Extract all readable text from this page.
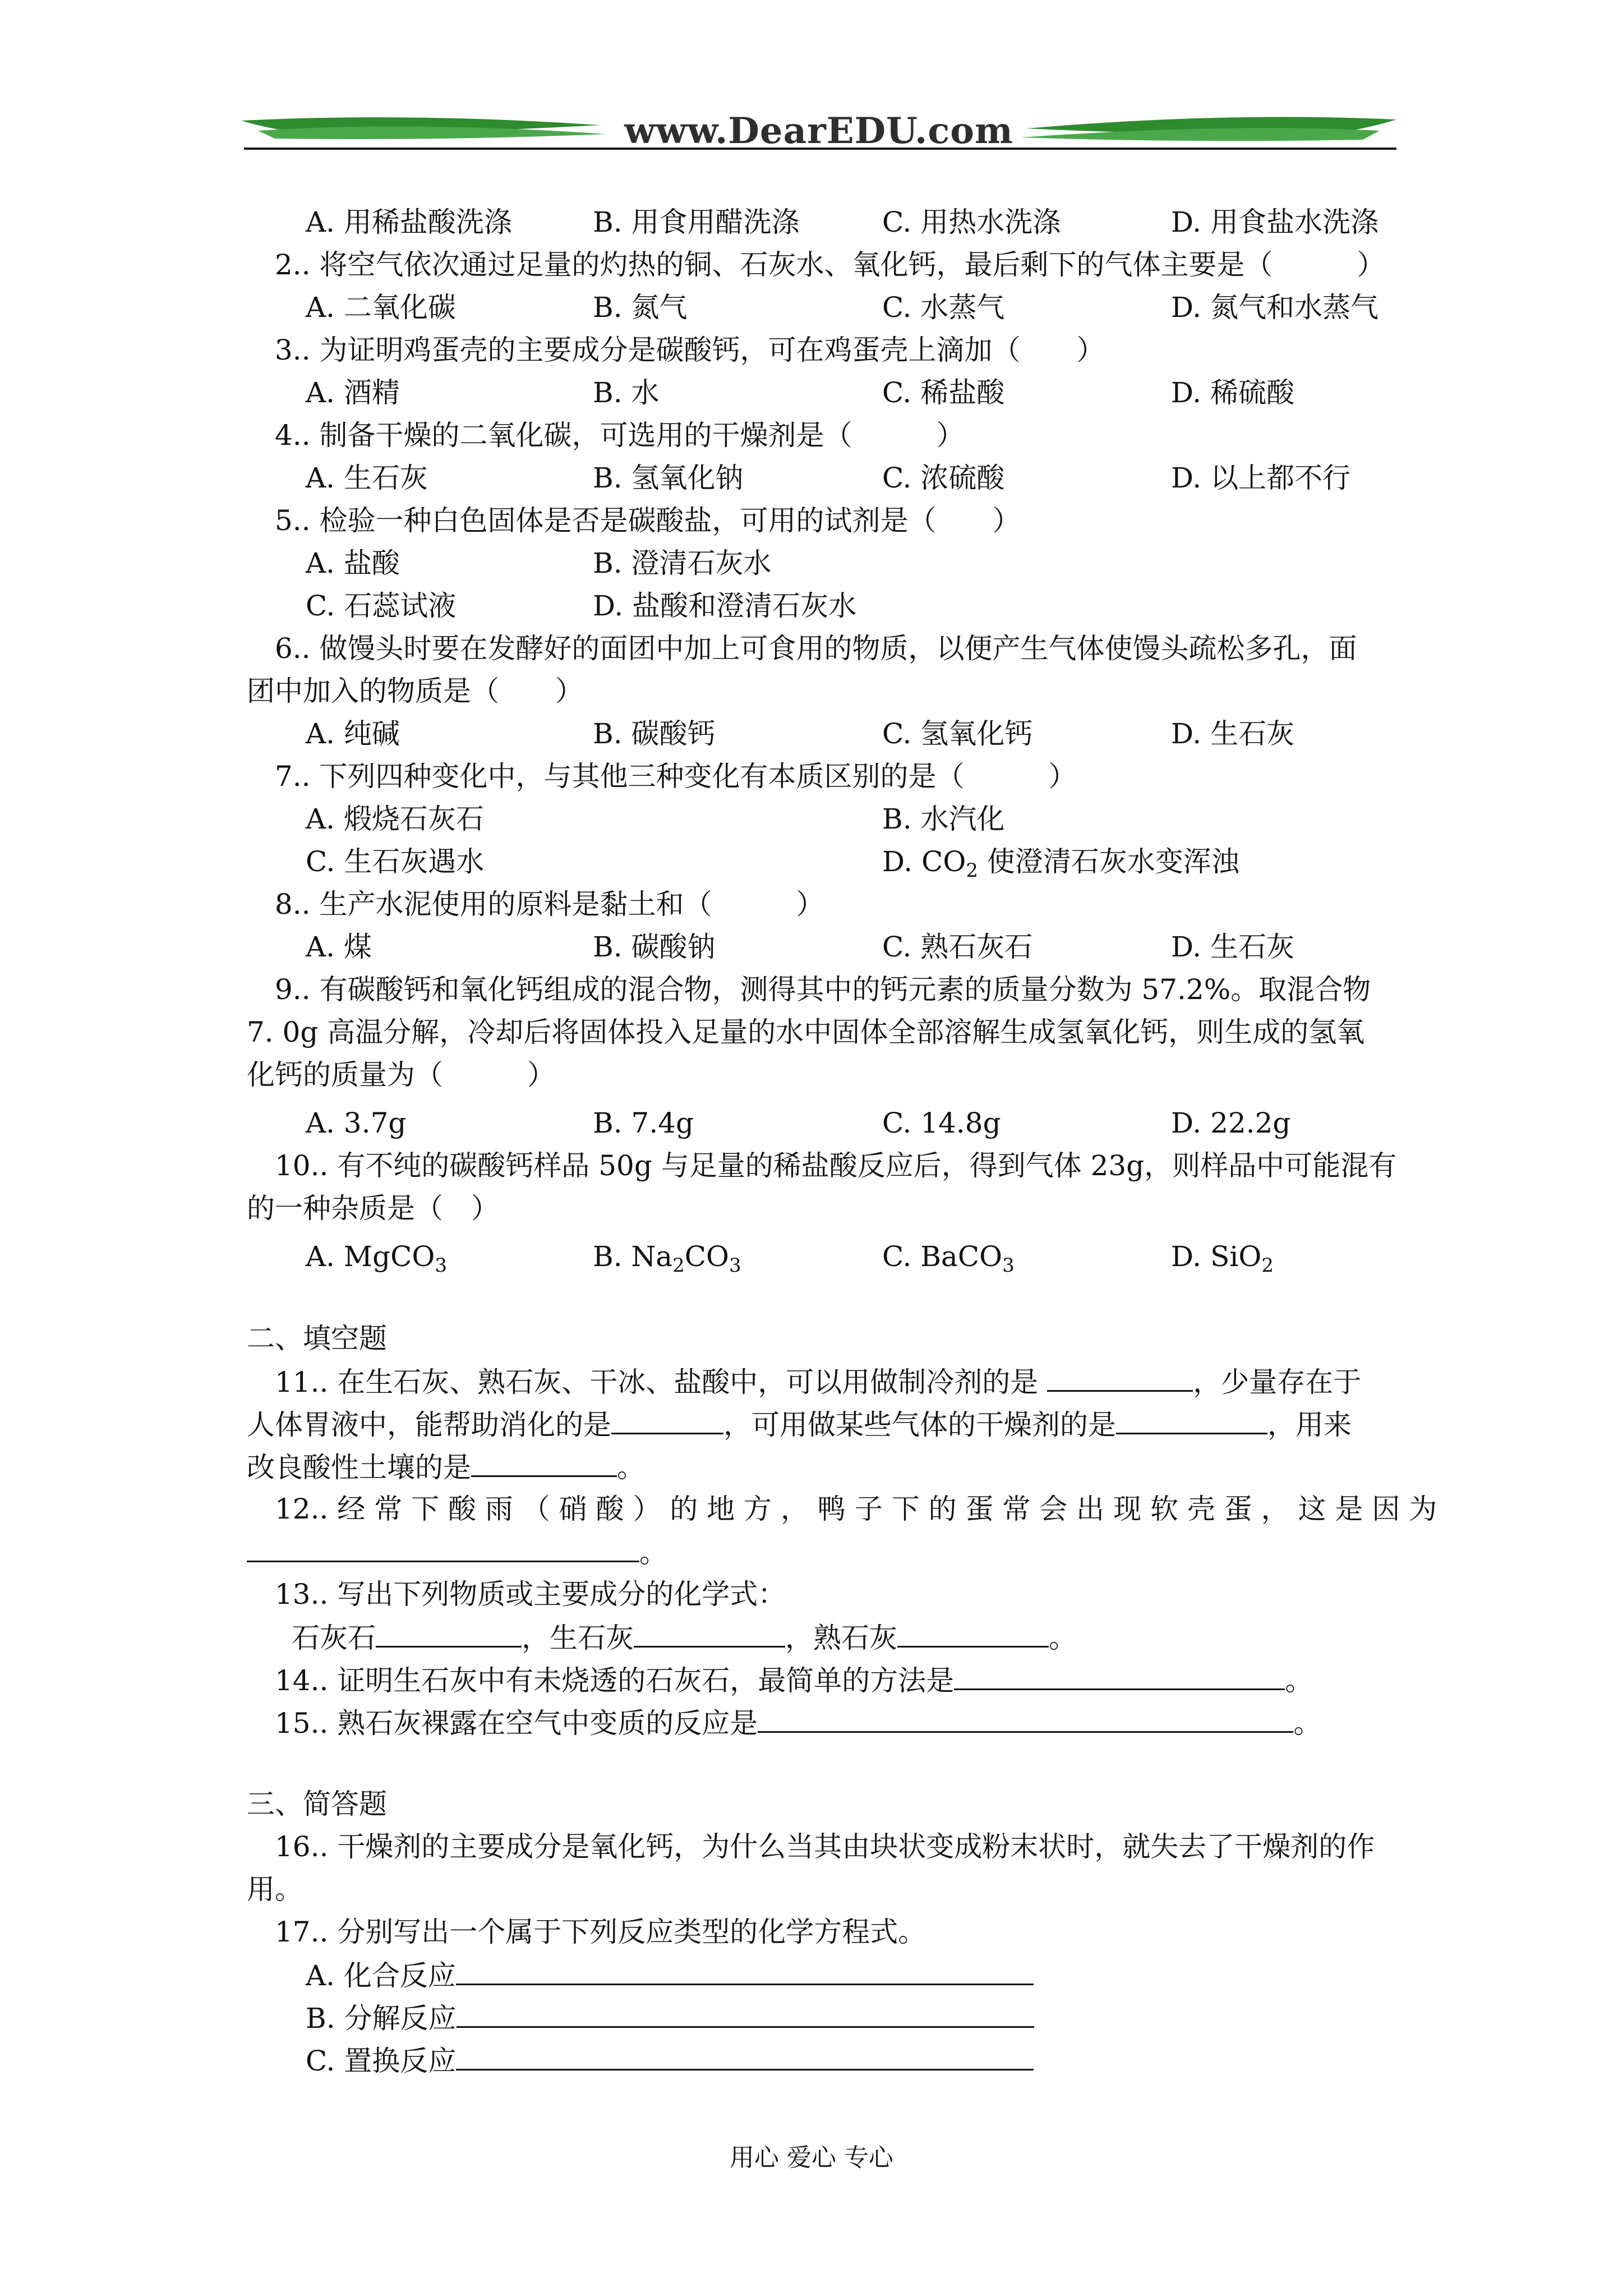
www.DearEDU.com
A. 用稀盐酸洗涤	B. 用食用醋洗涤	C. 用热水洗涤	D. 用食盐水洗涤
2.. 将空气依次通过足量的灼热的铜、石灰水、氧化钙，最后剩下的气体主要是（　　　）
A. 二氧化碳	B. 氮气	C. 水蒸气	D. 氮气和水蒸气
3.. 为证明鸡蛋壳的主要成分是碳酸钙，可在鸡蛋壳上滴加（　　）
A. 酒精	B. 水	C. 稀盐酸	D. 稀硫酸
4.. 制备干燥的二氧化碳，可选用的干燥剂是（　　　）
A. 生石灰	B. 氢氧化钠	C. 浓硫酸	D. 以上都不行
5.. 检验一种白色固体是否是碳酸盐，可用的试剂是（　　）
A. 盐酸	B. 澄清石灰水
C. 石蕊试液	D. 盐酸和澄清石灰水
6.. 做馒头时要在发酵好的面团中加上可食用的物质，以便产生气体使馒头疏松多孔，面
团中加入的物质是（　　）
A. 纯碱	B. 碳酸钙	C. 氢氧化钙	D. 生石灰
7.. 下列四种变化中，与其他三种变化有本质区别的是（　　　）
A. 煅烧石灰石	B. 水汽化
C. 生石灰遇水	D. $CO_2$ 使澄清石灰水变浑浊
8.. 生产水泥使用的原料是黏土和（　　　）
A. 煤	B. 碳酸钠	C. 熟石灰石	D. 生石灰
9.. 有碳酸钙和氧化钙组成的混合物，测得其中的钙元素的质量分数为 57.2%。取混合物
7. 0g 高温分解，冷却后将固体投入足量的水中固体全部溶解生成氢氧化钙，则生成的氢氧
化钙的质量为（　　　）
A. 3.7g	B. 7.4g	C. 14.8g	D. 22.2g
10.. 有不纯的碳酸钙样品 50g 与足量的稀盐酸反应后，得到气体 23g，则样品中可能混有
的一种杂质是（　）
A. MgCO$_3$	B. $Na_2CO_3$	C. BaCO$_3$	D. SiO$_2$
二、填空题
11.. 在生石灰、熟石灰、干冰、盐酸中，可以用做制冷剂的是	，少量存在于
人体胃液中，能帮助消化的是	，可用做某些气体的干燥剂的是	，用来
改良酸性土壤的是	。
12.. 经 常 下 酸 雨 （ 硝 酸 ） 的 地 方 ， 鸭 子 下 的 蛋 常 会 出 现 软 壳 蛋 ， 这 是 因 为
。
13.. 写出下列物质或主要成分的化学式：
石灰石	，生石灰	，熟石灰	。
14.. 证明生石灰中有未烧透的石灰石，最简单的方法是	。
15.. 熟石灰裸露在空气中变质的反应是	。
三、简答题
16.. 干燥剂的主要成分是氧化钙，为什么当其由块状变成粉末状时，就失去了干燥剂的作
用。
17.. 分别写出一个属于下列反应类型的化学方程式。
A. 化合反应
B. 分解反应
C. 置换反应
用心 爱心 专心
